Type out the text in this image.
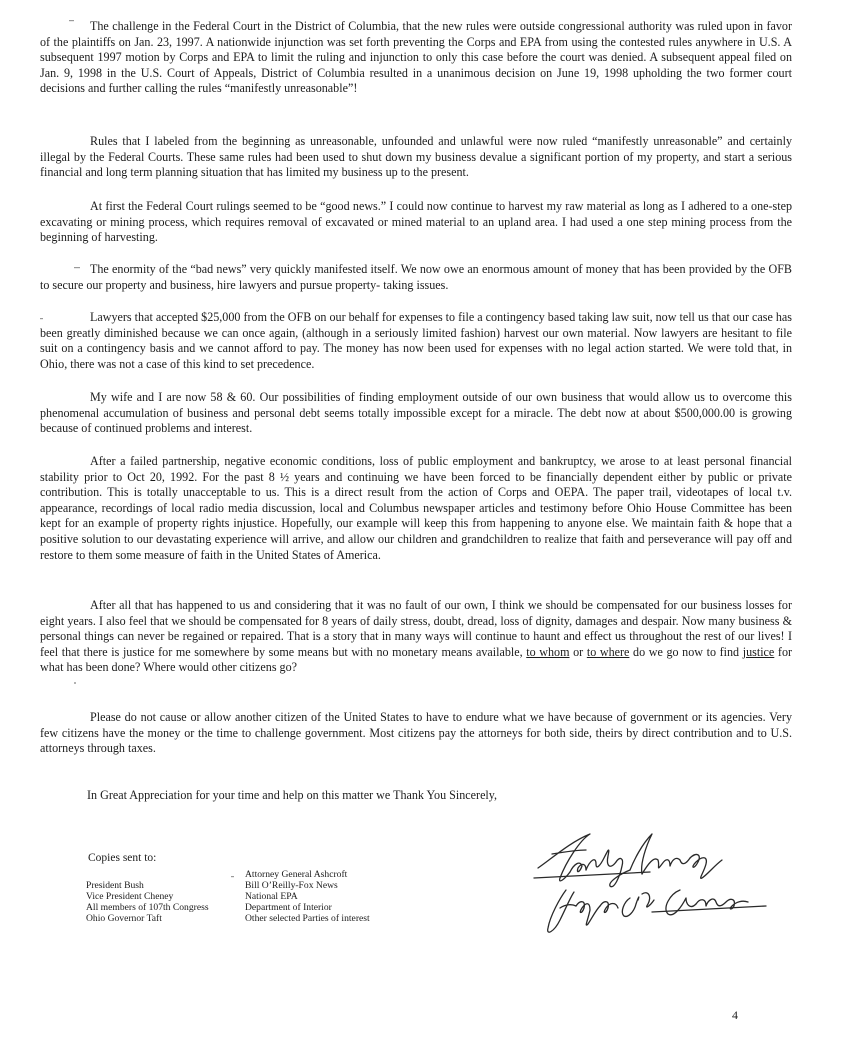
The challenge in the Federal Court in the District of Columbia, that the new rules were outside congressional authority was ruled upon in favor of the plaintiffs on Jan. 23, 1997. A nationwide injunction was set forth preventing the Corps and EPA from using the contested rules anywhere in U.S. A subsequent 1997 motion by Corps and EPA to limit the ruling and injunction to only this case before the court was denied. A subsequent appeal filed on Jan. 9, 1998 in the U.S. Court of Appeals, District of Columbia resulted in a unanimous decision on June 19, 1998 upholding the two former court decisions and further calling the rules “manifestly unreasonable”!

Rules that I labeled from the beginning as unreasonable, unfounded and unlawful were now ruled “manifestly unreasonable” and certainly illegal by the Federal Courts. These same rules had been used to shut down my business devalue a significant portion of my property, and start a serious financial and long term planning situation that has limited my business up to the present.

At first the Federal Court rulings seemed to be “good news.” I could now continue to harvest my raw material as long as I adhered to a one-step excavating or mining process, which requires removal of excavated or mined material to an upland area. I had used a one step mining process from the beginning of harvesting.

The enormity of the “bad news” very quickly manifested itself. We now owe an enormous amount of money that has been provided by the OFB to secure our property and business, hire lawyers and pursue property- taking issues.

Lawyers that accepted $25,000 from the OFB on our behalf for expenses to file a contingency based taking law suit, now tell us that our case has been greatly diminished because we can once again, (although in a seriously limited fashion) harvest our own material. Now lawyers are hesitant to file suit on a contingency basis and we cannot afford to pay. The money has now been used for expenses with no legal action started. We were told that, in Ohio, there was not a case of this kind to set precedence.

My wife and I are now 58 & 60. Our possibilities of finding employment outside of our own business that would allow us to overcome this phenomenal accumulation of business and personal debt seems totally impossible except for a miracle. The debt now at about $500,000.00 is growing because of continued problems and interest.

After a failed partnership, negative economic conditions, loss of public employment and bankruptcy, we arose to at least personal financial stability prior to Oct 20, 1992. For the past 8 ½ years and continuing we have been forced to be financially dependent either by public or private contribution. This is totally unacceptable to us. This is a direct result from the action of Corps and OEPA. The paper trail, videotapes of local t.v. appearance, recordings of local radio media discussion, local and Columbus newspaper articles and testimony before Ohio House Committee has been kept for an example of property rights injustice. Hopefully, our example will keep this from happening to anyone else. We maintain faith & hope that a positive solution to our devastating experience will arrive, and allow our children and grandchildren to realize that faith and perseverance will pay off and restore to them some measure of faith in the United States of America.

After all that has happened to us and considering that it was no fault of our own, I think we should be compensated for our business losses for eight years. I also feel that we should be compensated for 8 years of daily stress, doubt, dread, loss of dignity, damages and despair. Now many business & personal things can never be regained or repaired. That is a story that in many ways will continue to haunt and effect us throughout the rest of our lives! I feel that there is justice for me somewhere by some means but with no monetary means available, to whom or to where do we go now to find justice for what has been done? Where would other citizens go?

Please do not cause or allow another citizen of the United States to have to endure what we have because of government or its agencies. Very few citizens have the money or the time to challenge government. Most citizens pay the attorneys for both side, theirs by direct contribution and to U.S. attorneys through taxes.

In Great Appreciation for your time and help on this matter we Thank You Sincerely,

Copies sent to:

President Bush
Vice President Cheney
All members of 107th Congress
Ohio Governor Taft
Attorney General Ashcroft
Bill O’Reilly-Fox News
National EPA
Department of Interior
Other selected Parties of interest

4
